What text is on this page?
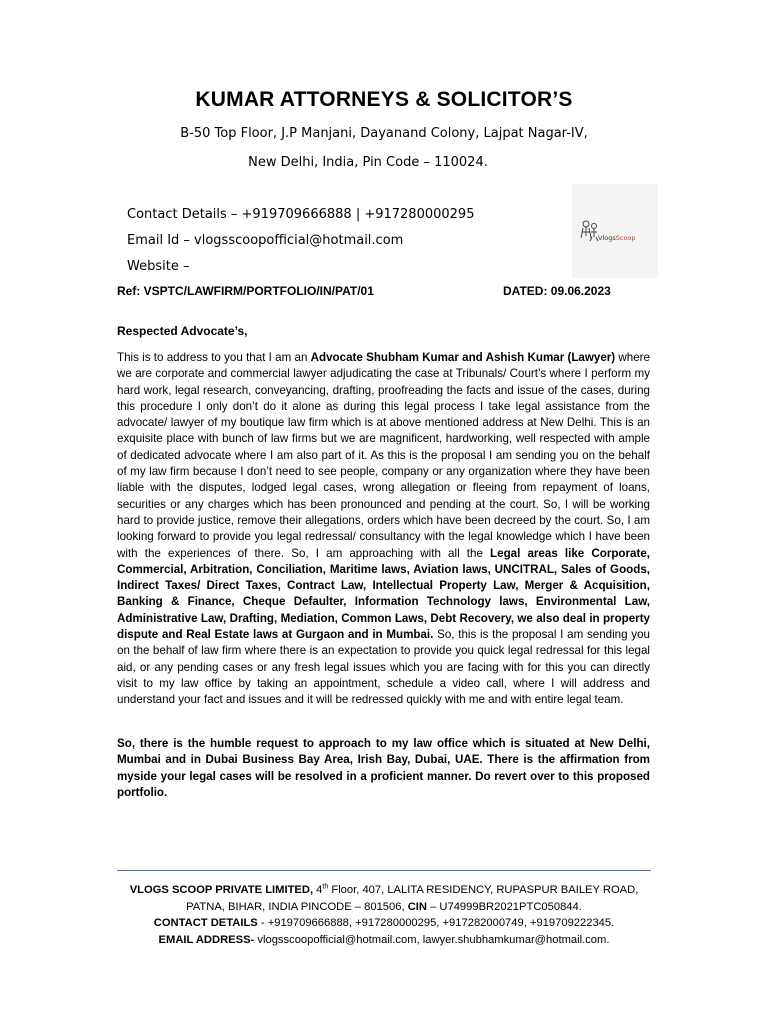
KUMAR ATTORNEYS & SOLICITOR’S
B-50 Top Floor, J.P Manjani, Dayanand Colony, Lajpat Nagar-IV,
New Delhi, India, Pin Code – 110024.
Contact Details – +919709666888 | +917280000295
Email Id – vlogsscoopofficial@hotmail.com
Website –
VlogsScoop
Ref: VSPTC/LAWFIRM/PORTFOLIO/IN/PAT/01	DATED: 09.06.2023
Respected Advocate’s,

This is to address to you that I am an Advocate Shubham Kumar and Ashish Kumar (Lawyer) where we are corporate and commercial lawyer adjudicating the case at Tribunals/ Court’s where I perform my hard work, legal research, conveyancing, drafting, proofreading the facts and issue of the cases, during this procedure I only don’t do it alone as during this legal process I take legal assistance from the advocate/ lawyer of my boutique law firm which is at above mentioned address at New Delhi. This is an exquisite place with bunch of law firms but we are magnificent, hardworking, well respected with ample of dedicated advocate where I am also part of it. As this is the proposal I am sending you on the behalf of my law firm because I don’t need to see people, company or any organization where they have been liable with the disputes, lodged legal cases, wrong allegation or fleeing from repayment of loans, securities or any charges which has been pronounced and pending at the court. So, I will be working hard to provide justice, remove their allegations, orders which have been decreed by the court. So, I am looking forward to provide you legal redressal/ consultancy with the legal knowledge which I have been with the experiences of there. So, I am approaching with all the Legal areas like Corporate, Commercial, Arbitration, Conciliation, Maritime laws, Aviation laws, UNCITRAL, Sales of Goods, Indirect Taxes/ Direct Taxes, Contract Law, Intellectual Property Law, Merger & Acquisition, Banking & Finance, Cheque Defaulter, Information Technology laws, Environmental Law, Administrative Law, Drafting, Mediation, Common Laws, Debt Recovery, we also deal in property dispute and Real Estate laws at Gurgaon and in Mumbai. So, this is the proposal I am sending you on the behalf of law firm where there is an expectation to provide you quick legal redressal for this legal aid, or any pending cases or any fresh legal issues which you are facing with for this you can directly visit to my law office by taking an appointment, schedule a video call, where I will address and understand your fact and issues and it will be redressed quickly with me and with entire legal team.

So, there is the humble request to approach to my law office which is situated at New Delhi, Mumbai and in Dubai Business Bay Area, Irish Bay, Dubai, UAE. There is the affirmation from myside your legal cases will be resolved in a proficient manner. Do revert over to this proposed portfolio.

VLOGS SCOOP PRIVATE LIMITED, 4th Floor, 407, LALITA RESIDENCY, RUPASPUR BAILEY ROAD,
PATNA, BIHAR, INDIA PINCODE – 801506, CIN – U74999BR2021PTC050844.
CONTACT DETAILS - +919709666888, +917280000295, +917282000749, +919709222345.
EMAIL ADDRESS- vlogsscoopofficial@hotmail.com, lawyer.shubhamkumar@hotmail.com.
